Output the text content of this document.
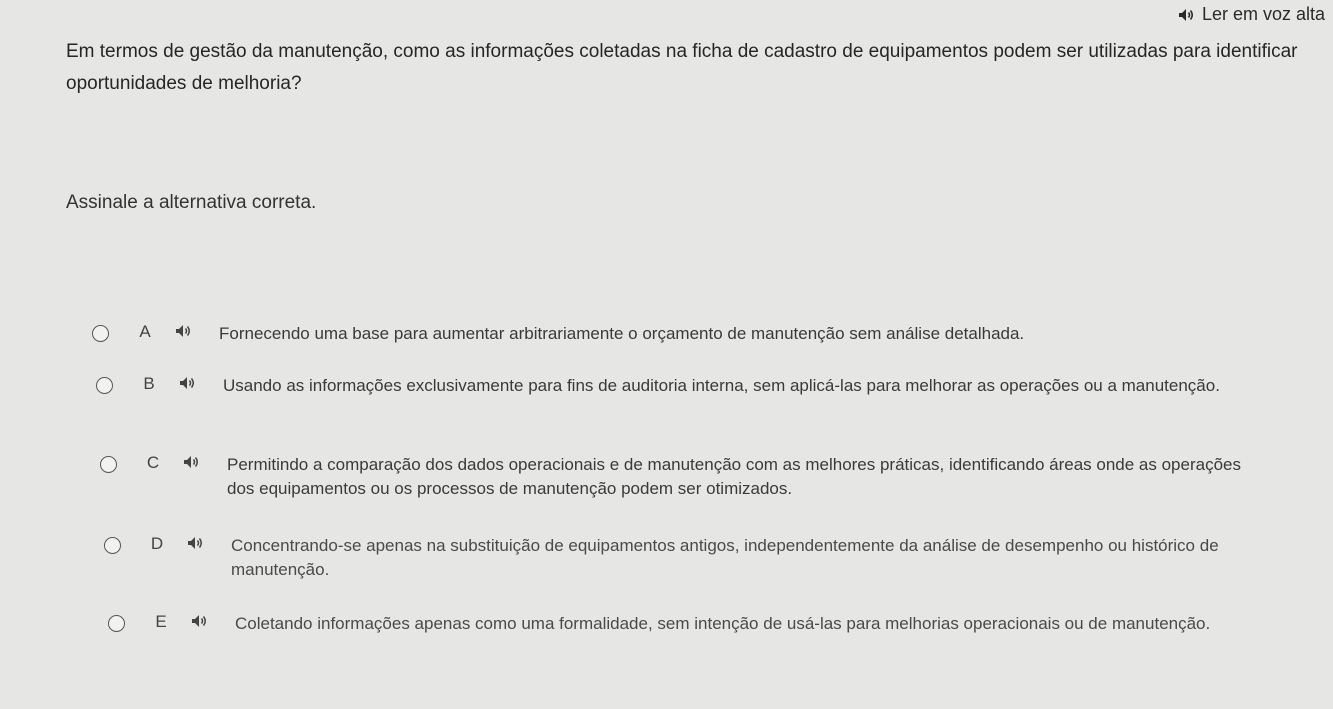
Ler em voz alta
Em termos de gestão da manutenção, como as informações coletadas na ficha de cadastro de equipamentos podem ser utilizadas para identificar oportunidades de melhoria?
Assinale a alternativa correta.
A	Fornecendo uma base para aumentar arbitrariamente o orçamento de manutenção sem análise detalhada.
B	Usando as informações exclusivamente para fins de auditoria interna, sem aplicá-las para melhorar as operações ou a manutenção.
C	Permitindo a comparação dos dados operacionais e de manutenção com as melhores práticas, identificando áreas onde as operações dos equipamentos ou os processos de manutenção podem ser otimizados.
D	Concentrando-se apenas na substituição de equipamentos antigos, independentemente da análise de desempenho ou histórico de manutenção.
E	Coletando informações apenas como uma formalidade, sem intenção de usá-las para melhorias operacionais ou de manutenção.
